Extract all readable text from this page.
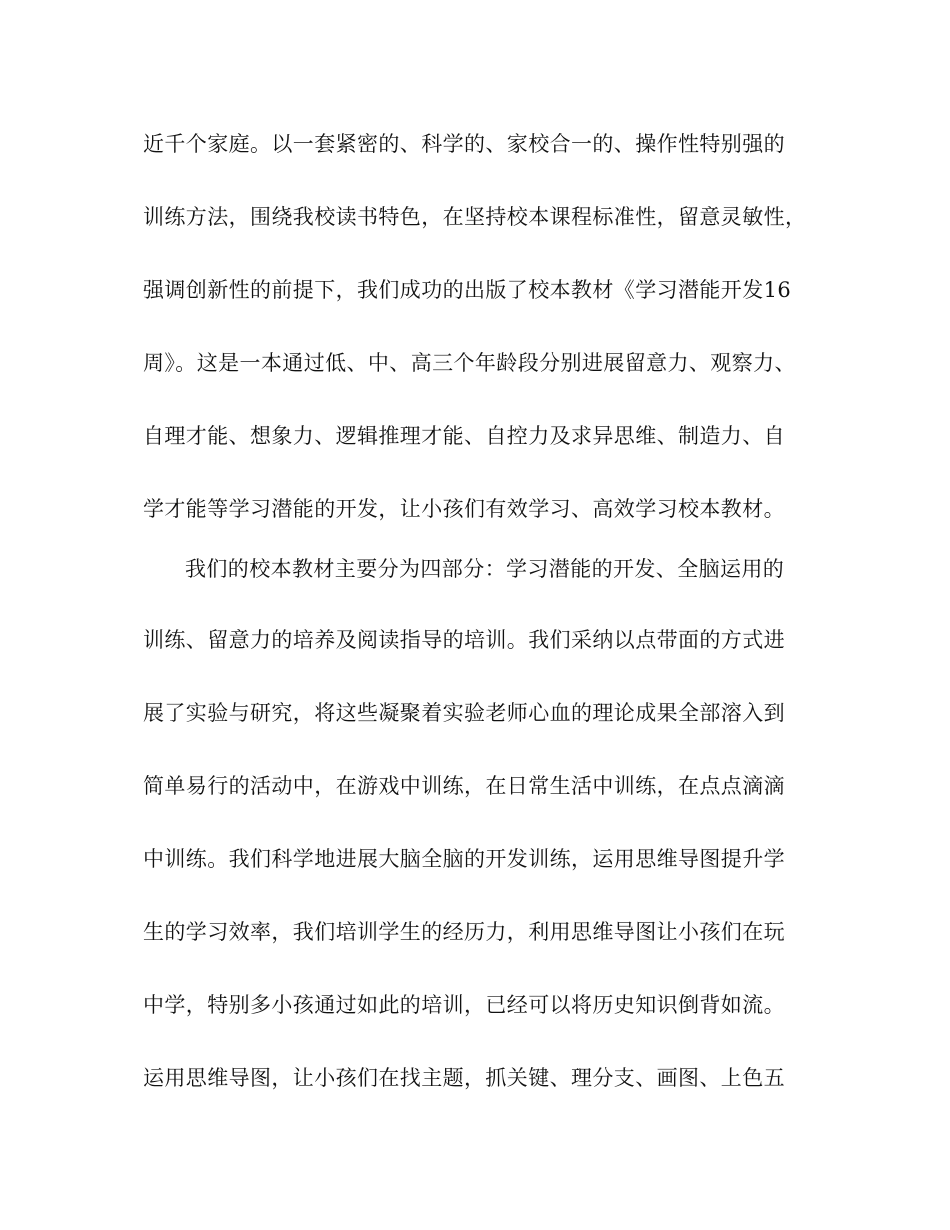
近千个家庭。以一套紧密的、科学的、家校合一的、操作性特别强的
训练方法，围绕我校读书特色，在坚持校本课程标准性，留意灵敏性，
强调创新性的前提下，我们成功的出版了校本教材《学习潜能开发16
周》。这是一本通过低、中、高三个年龄段分别进展留意力、观察力、
自理才能、想象力、逻辑推理才能、自控力及求异思维、制造力、自
学才能等学习潜能的开发，让小孩们有效学习、高效学习校本教材。
我们的校本教材主要分为四部分：学习潜能的开发、全脑运用的
训练、留意力的培养及阅读指导的培训。我们采纳以点带面的方式进
展了实验与研究，将这些凝聚着实验老师心血的理论成果全部溶入到
简单易行的活动中，在游戏中训练，在日常生活中训练，在点点滴滴
中训练。我们科学地进展大脑全脑的开发训练，运用思维导图提升学
生的学习效率，我们培训学生的经历力，利用思维导图让小孩们在玩
中学，特别多小孩通过如此的培训，已经可以将历史知识倒背如流。
运用思维导图，让小孩们在找主题，抓关键、理分支、画图、上色五
